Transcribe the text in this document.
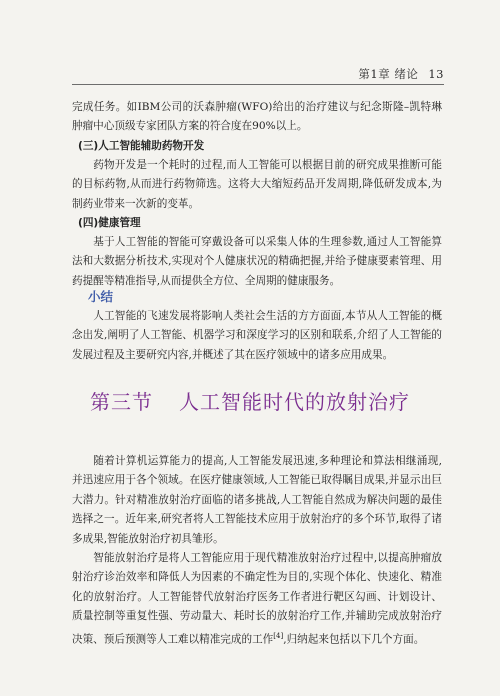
第1章 绪论 13
完成任务。如IBM公司的沃森肿瘤(WFO)给出的治疗建议与纪念斯隆–凯特琳肿瘤中心顶级专家团队方案的符合度在90%以上。
(三)人工智能辅助药物开发
药物开发是一个耗时的过程,而人工智能可以根据目前的研究成果推断可能的目标药物,从而进行药物筛选。这将大大缩短药品开发周期,降低研发成本,为制药业带来一次新的变革。
(四)健康管理
基于人工智能的智能可穿戴设备可以采集人体的生理参数,通过人工智能算法和大数据分析技术,实现对个人健康状况的精确把握,并给予健康要素管理、用药提醒等精准指导,从而提供全方位、全周期的健康服务。
小结
人工智能的飞速发展将影响人类社会生活的方方面面,本节从人工智能的概念出发,阐明了人工智能、机器学习和深度学习的区别和联系,介绍了人工智能的发展过程及主要研究内容,并概述了其在医疗领域中的诸多应用成果。
第三节 人工智能时代的放射治疗
随着计算机运算能力的提高,人工智能发展迅速,多种理论和算法相继涌现,并迅速应用于各个领域。在医疗健康领域,人工智能已取得瞩目成果,并显示出巨大潜力。针对精准放射治疗面临的诸多挑战,人工智能自然成为解决问题的最佳选择之一。近年来,研究者将人工智能技术应用于放射治疗的多个环节,取得了诸多成果,智能放射治疗初具雏形。
智能放射治疗是将人工智能应用于现代精准放射治疗过程中,以提高肿瘤放射治疗诊治效率和降低人为因素的不确定性为目的,实现个体化、快速化、精准化的放射治疗。人工智能替代放射治疗医务工作者进行靶区勾画、计划设计、质量控制等重复性强、劳动量大、耗时长的放射治疗工作,并辅助完成放射治疗决策、预后预测等人工难以精准完成的工作[4],归纳起来包括以下几个方面。
